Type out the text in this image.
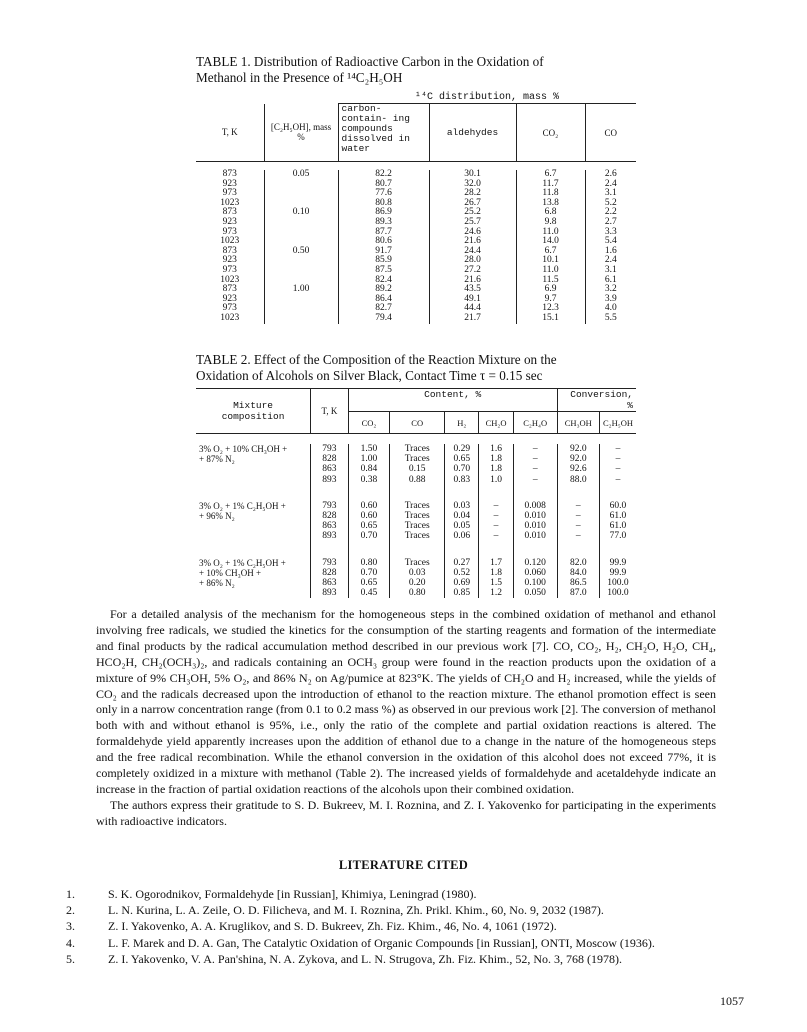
TABLE 1. Distribution of Radioactive Carbon in the Oxidation of
Methanol in the Presence of ¹⁴C₂H₅OH
		¹⁴C distribution, mass %			
T, K	[C₂H₅OH], mass %	carbon-contain- ing compounds dissolved in water	aldehydes	CO₂	CO

873	0.05	82.2	30.1	6.7	2.6
923		80.7	32.0	11.7	2.4
973		77.6	28.2	11.8	3.1
1023		80.8	26.7	13.8	5.2
873	0.10	86.9	25.2	6.8	2.2
923		89.3	25.7	9.8	2.7
973		87.7	24.6	11.0	3.3
1023		80.6	21.6	14.0	5.4
873	0.50	91.7	24.4	6.7	1.6
923		85.9	28.0	10.1	2.4
973		87.5	27.2	11.0	3.1
1023		82.4	21.6	11.5	6.1
873	1.00	89.2	43.5	6.9	3.2
923		86.4	49.1	9.7	3.9
973		82.7	44.4	12.3	4.0
1023		79.4	21.7	15.1	5.5
TABLE 2. Effect of the Composition of the Reaction Mixture on the
Oxidation of Alcohols on Silver Black, Contact Time τ = 0.15 sec
Mixture composition	T, K	Content, %					Conversion, %	
		CO₂	CO	H₂	CH₂O	C₂H₄O	CH₃OH	C₂H₅OH

3% O₂ + 10% CH₃OH +	793	1.50	Traces	0.29	1.6	–	92.0	–
+ 87% N₂	828	1.00	Traces	0.65	1.8	–	92.0	–
	863	0.84	0.15	0.70	1.8	–	92.6	–
	893	0.38	0.88	0.83	1.0	–	88.0	–

3% O₂ + 1% C₂H₅OH +	793	0.60	Traces	0.03	–	0.008	–	60.0
+ 96% N₂	828	0.60	Traces	0.04	–	0.010	–	61.0
	863	0.65	Traces	0.05	–	0.010	–	61.0
	893	0.70	Traces	0.06	–	0.010	–	77.0

3% O₂ + 1% C₂H₅OH +	793	0.80	Traces	0.27	1.7	0.120	82.0	99.9
+ 10% CH₃OH +	828	0.70	0.03	0.52	1.8	0.060	84.0	99.9
+ 86% N₂	863	0.65	0.20	0.69	1.5	0.100	86.5	100.0
	893	0.45	0.80	0.85	1.2	0.050	87.0	100.0

For a detailed analysis of the mechanism for the homogeneous steps in the combined oxidation of methanol and ethanol involving free radicals, we studied the kinetics for the consumption of the starting reagents and formation of the intermediate and final products by the radical accumulation method described in our previous work [7]. CO, CO₂, H₂, CH₂O, H₂O, CH₄, HCO₂H, CH₂(OCH₃)₂, and radicals containing an OCH₃ group were found in the reaction products upon the oxidation of a mixture of 9% CH₃OH, 5% O₂, and 86% N₂ on Ag/pumice at 823°K. The yields of CH₂O and H₂ increased, while the yields of CO₂ and the radicals decreased upon the introduction of ethanol to the reaction mixture. The ethanol promotion effect is seen only in a narrow concentration range (from 0.1 to 0.2 mass %) as observed in our previous work [2]. The conversion of methanol both with and without ethanol is 95%, i.e., only the ratio of the complete and partial oxidation reactions is altered. The formaldehyde yield apparently increases upon the addition of ethanol due to a change in the nature of the homogeneous steps and the free radical recombination. While the ethanol conversion in the oxidation of this alcohol does not exceed 77%, it is completely oxidized in a mixture with methanol (Table 2). The increased yields of formaldehyde and acetaldehyde indicate an increase in the fraction of partial oxidation reactions of the alcohols upon their combined oxidation.

The authors express their gratitude to S. D. Bukreev, M. I. Roznina, and Z. I. Yakovenko for participating in the experiments with radioactive indicators.

LITERATURE CITED
1.	S. K. Ogorodnikov, Formaldehyde [in Russian], Khimiya, Leningrad (1980).
2.	L. N. Kurina, L. A. Zeile, O. D. Filicheva, and M. I. Roznina, Zh. Prikl. Khim., 60, No. 9, 2032 (1987).
3.	Z. I. Yakovenko, A. A. Kruglikov, and S. D. Bukreev, Zh. Fiz. Khim., 46, No. 4, 1061 (1972).
4.	L. F. Marek and D. A. Gan, The Catalytic Oxidation of Organic Compounds [in Russian], ONTI, Moscow (1936).
5.	Z. I. Yakovenko, V. A. Pan'shina, N. A. Zykova, and L. N. Strugova, Zh. Fiz. Khim., 52, No. 3, 768 (1978).
1057
